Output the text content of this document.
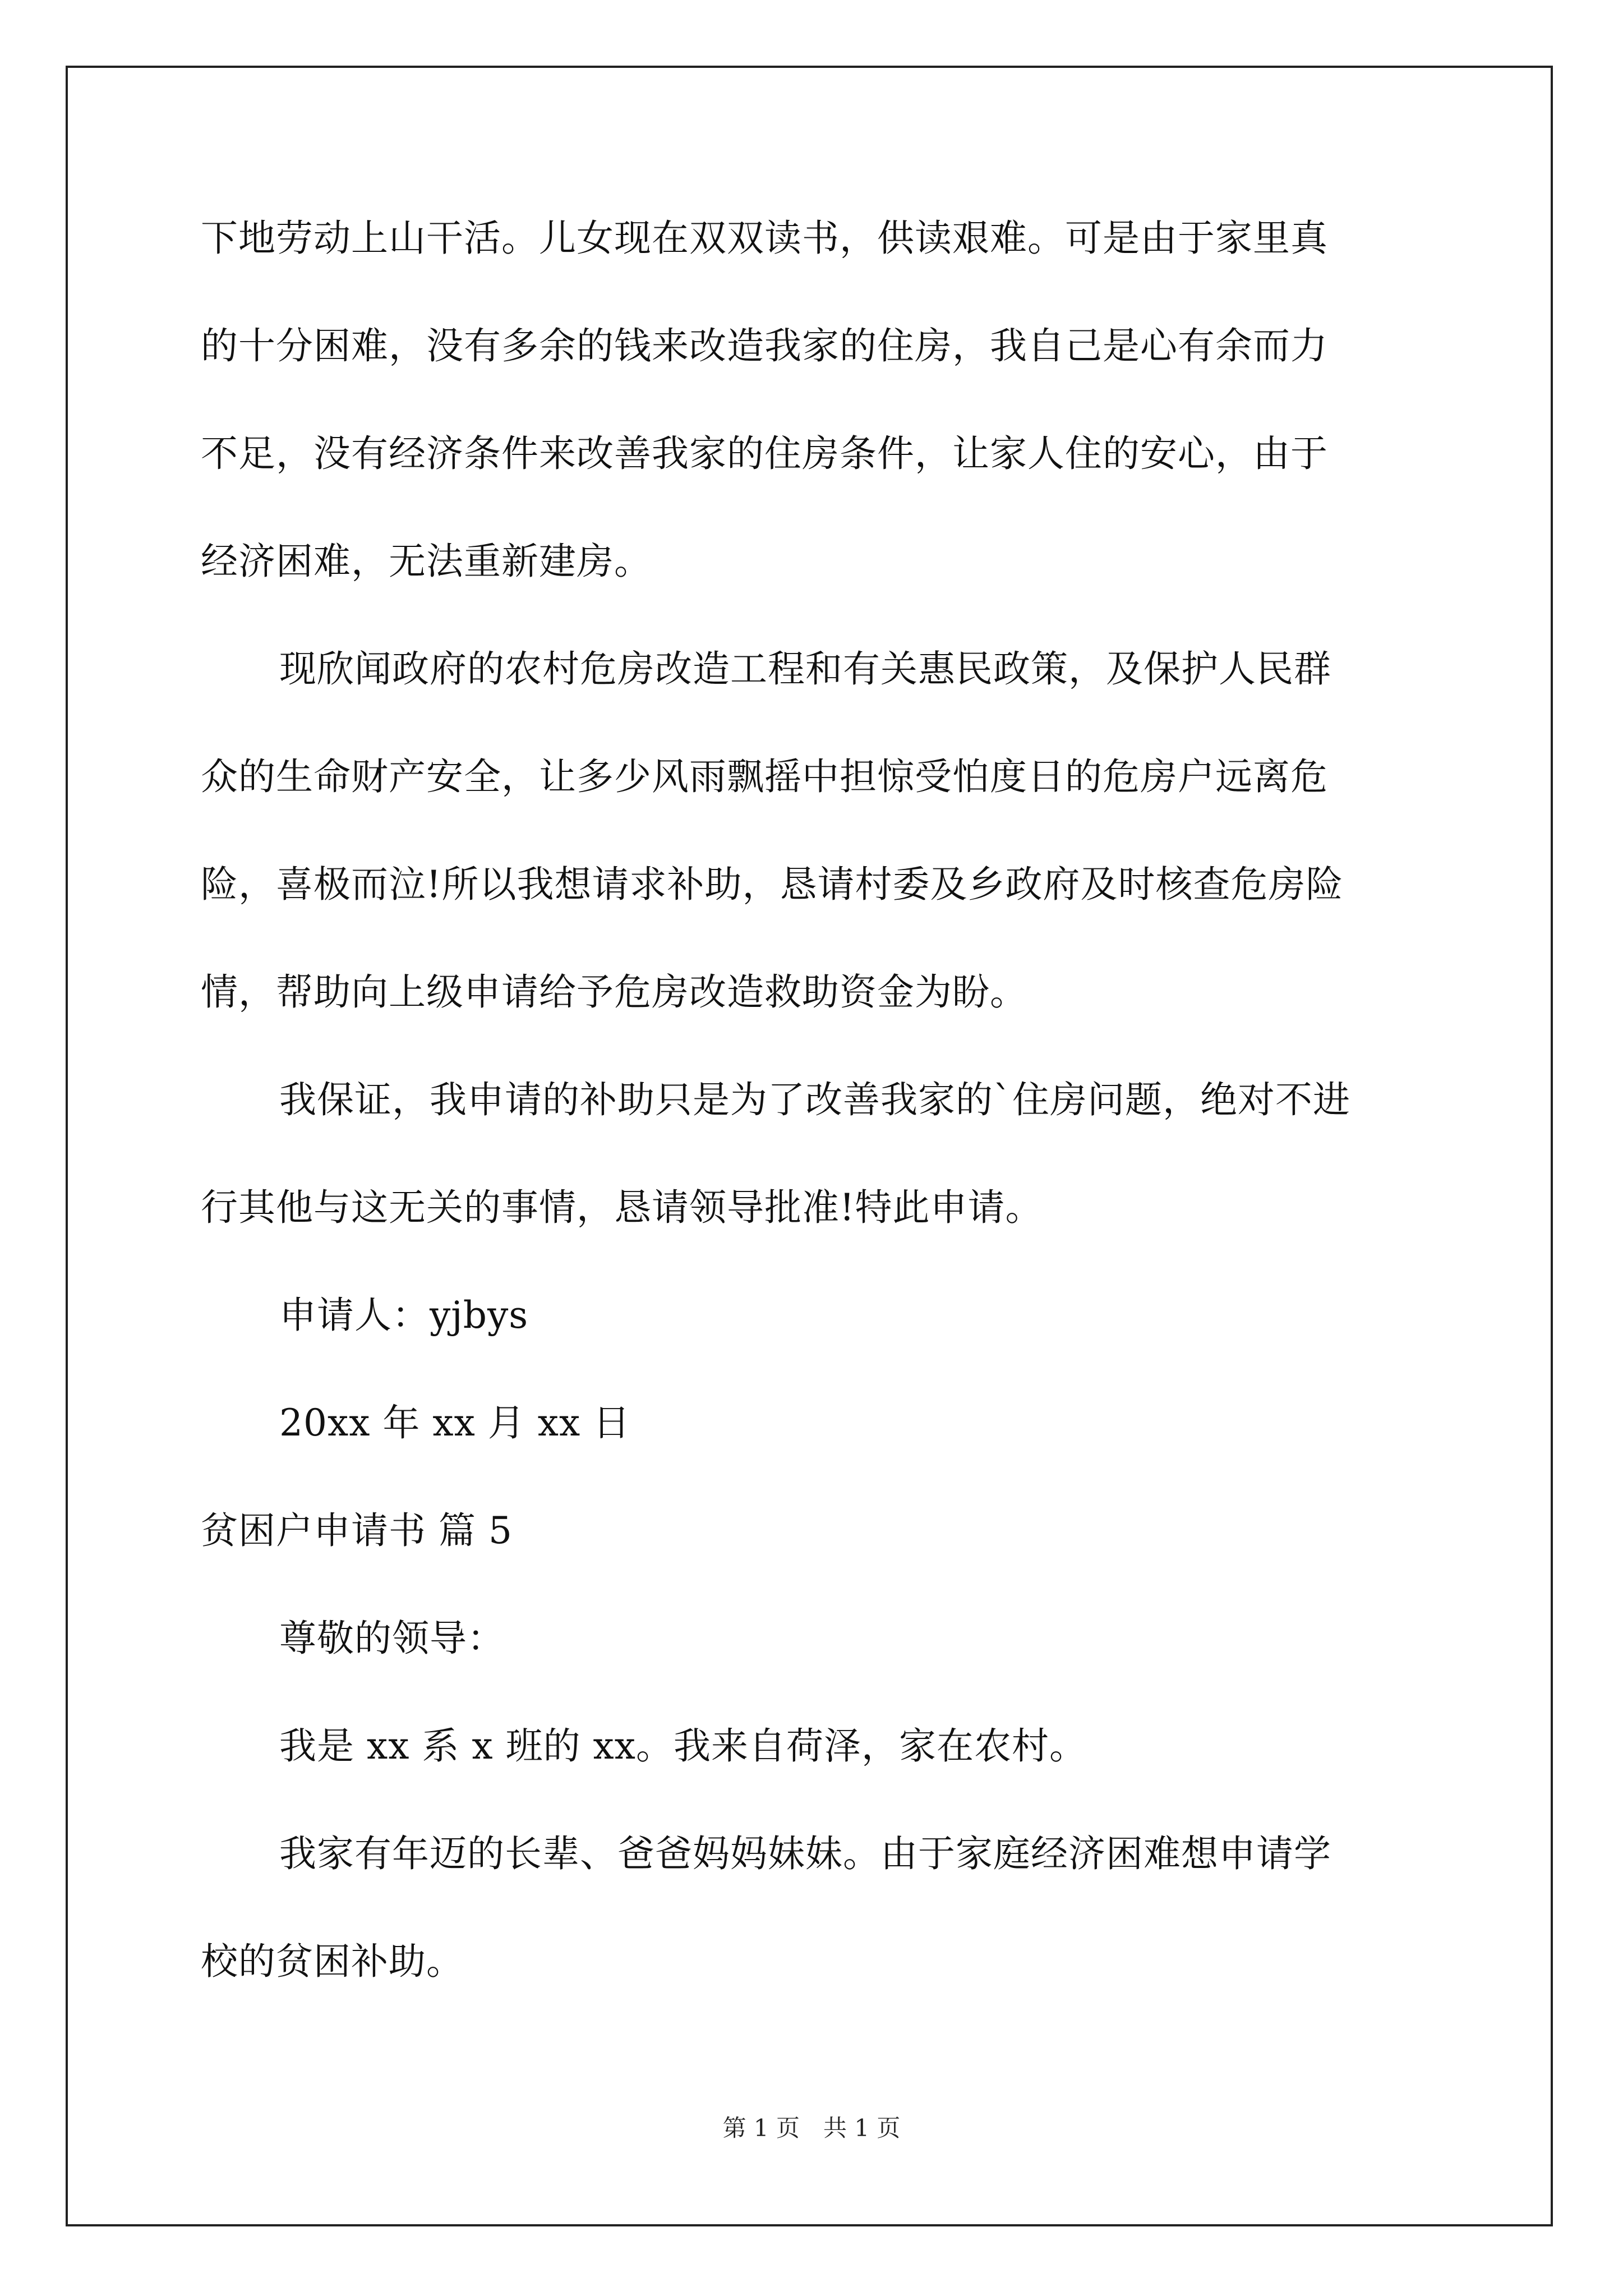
下地劳动上山干活。儿女现在双双读书，供读艰难。可是由于家里真
的十分困难，没有多余的钱来改造我家的住房，我自己是心有余而力
不足，没有经济条件来改善我家的住房条件，让家人住的安心，由于
经济困难，无法重新建房。
现欣闻政府的农村危房改造工程和有关惠民政策，及保护人民群
众的生命财产安全，让多少风雨飘摇中担惊受怕度日的危房户远离危
险，喜极而泣!所以我想请求补助，恳请村委及乡政府及时核查危房险
情，帮助向上级申请给予危房改造救助资金为盼。
我保证，我申请的补助只是为了改善我家的`住房问题，绝对不进
行其他与这无关的事情，恳请领导批准!特此申请。
申请人：yjbys
20xx 年 xx 月 xx 日
贫困户申请书 篇 5
尊敬的领导：
我是 xx 系 x 班的 xx。我来自荷泽，家在农村。
我家有年迈的长辈、爸爸妈妈妹妹。由于家庭经济困难想申请学
校的贫困补助。
第 1 页　共 1 页
